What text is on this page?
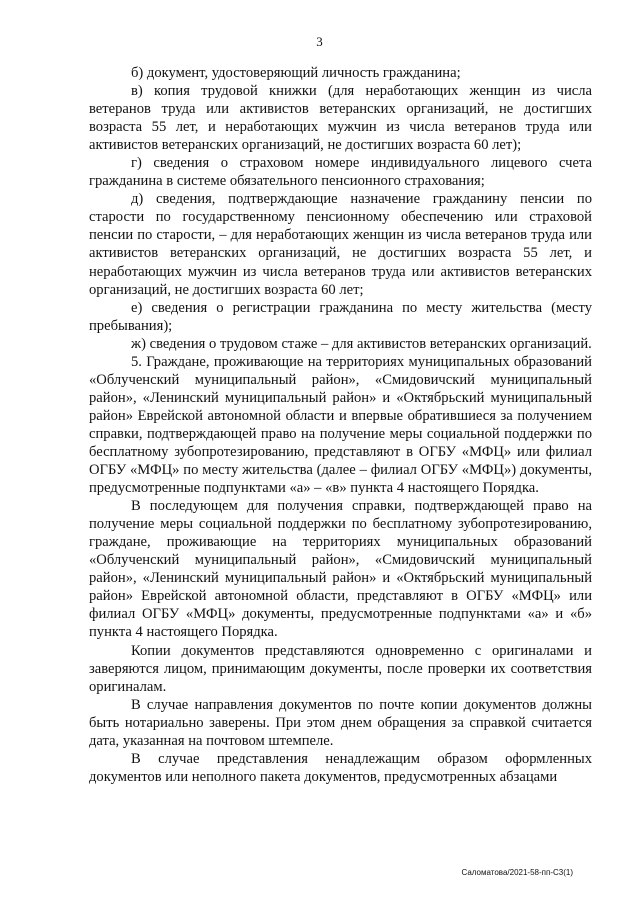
3

б) документ, удостоверяющий личность гражданина;

в) копия трудовой книжки (для неработающих женщин из числа ветеранов труда или активистов ветеранских организаций, не достигших возраста 55 лет, и неработающих мужчин из числа ветеранов труда или активистов ветеранских организаций, не достигших возраста 60 лет);

г) сведения о страховом номере индивидуального лицевого счета гражданина в системе обязательного пенсионного страхования;

д) сведения, подтверждающие назначение гражданину пенсии по старости по государственному пенсионному обеспечению или страховой пенсии по старости, – для неработающих женщин из числа ветеранов труда или активистов ветеранских организаций, не достигших возраста 55 лет, и неработающих мужчин из числа ветеранов труда или активистов ветеранских организаций, не достигших возраста 60 лет;

е) сведения о регистрации гражданина по месту жительства (месту пребывания);

ж) сведения о трудовом стаже – для активистов ветеранских организаций.

5. Граждане, проживающие на территориях муниципальных образований «Облученский муниципальный район», «Смидовичский муниципальный район», «Ленинский муниципальный район» и «Октябрьский муниципальный район» Еврейской автономной области и впервые обратившиеся за получением справки, подтверждающей право на получение меры социальной поддержки по бесплатному зубопротезированию, представляют в ОГБУ «МФЦ» или филиал ОГБУ «МФЦ» по месту жительства (далее – филиал ОГБУ «МФЦ») документы, предусмотренные подпунктами «а» – «в» пункта 4 настоящего Порядка.

В последующем для получения справки, подтверждающей право на получение меры социальной поддержки по бесплатному зубопротезированию, граждане, проживающие на территориях муниципальных образований «Облученский муниципальный район», «Смидовичский муниципальный район», «Ленинский муниципальный район» и «Октябрьский муниципальный район» Еврейской автономной области, представляют в ОГБУ «МФЦ» или филиал ОГБУ «МФЦ» документы, предусмотренные подпунктами «а» и «б» пункта 4 настоящего Порядка.

Копии документов представляются одновременно с оригиналами и заверяются лицом, принимающим документы, после проверки их соответствия оригиналам.

В случае направления документов по почте копии документов должны быть нотариально заверены. При этом днем обращения за справкой считается дата, указанная на почтовом штемпеле.

В случае представления ненадлежащим образом оформленных документов или неполного пакета документов, предусмотренных абзацами

Саломатова/2021-58-пп-С3(1)
